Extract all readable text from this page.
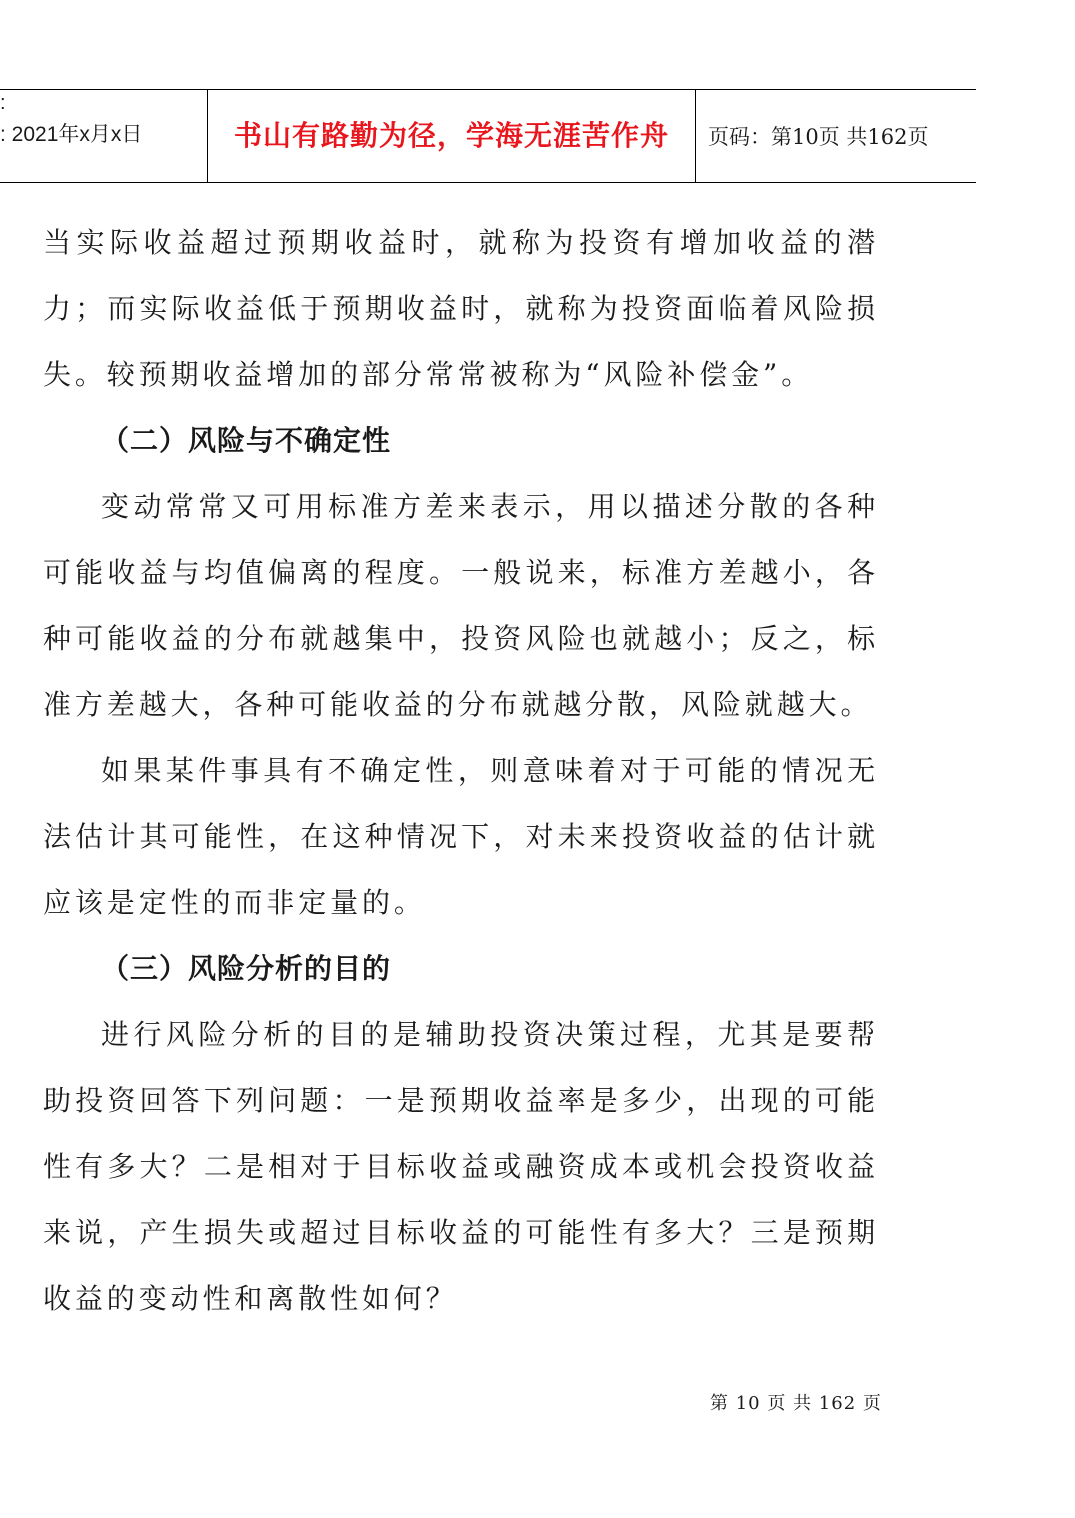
:
: 2021年x月x日	书山有路勤为径，学海无涯苦作舟	页码：第10页 共162页

当实际收益超过预期收益时，就称为投资有增加收益的潜力；而实际收益低于预期收益时，就称为投资面临着风险损失。较预期收益增加的部分常常被称为“风险补偿金”。

（二）风险与不确定性

变动常常又可用标准方差来表示，用以描述分散的各种可能收益与均值偏离的程度。一般说来，标准方差越小，各种可能收益的分布就越集中，投资风险也就越小；反之，标准方差越大，各种可能收益的分布就越分散，风险就越大。

如果某件事具有不确定性，则意味着对于可能的情况无法估计其可能性，在这种情况下，对未来投资收益的估计就应该是定性的而非定量的。

（三）风险分析的目的

进行风险分析的目的是辅助投资决策过程，尤其是要帮助投资回答下列问题：一是预期收益率是多少，出现的可能性有多大？二是相对于目标收益或融资成本或机会投资收益来说，产生损失或超过目标收益的可能性有多大？三是预期收益的变动性和离散性如何？

第 10 页 共 162 页
